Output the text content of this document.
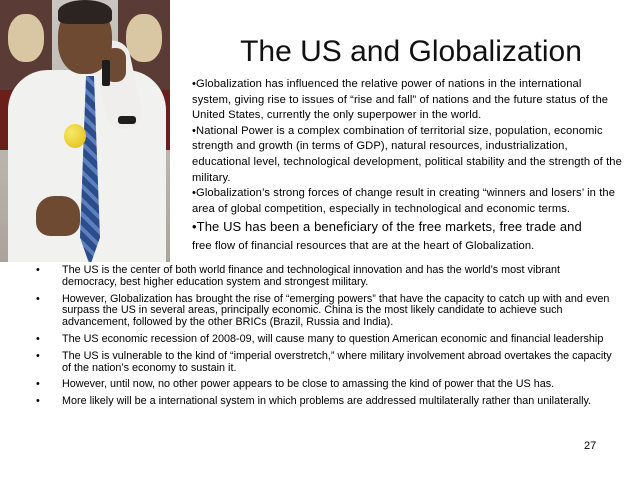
The US and Globalization

•Globalization has influenced the relative power of nations in the international system, giving rise to issues of “rise and fall” of nations and the future status of the United States, currently the only superpower in the world.

•National Power is a complex combination of territorial size, population, economic strength and growth (in terms of GDP), natural resources, industrialization, educational level, technological development, political stability and the strength of the military.

•Globalization’s strong forces of change result in creating “winners and losers’ in the area of global competition, especially in technological and economic terms.

•The US has been a beneficiary of the free markets, free trade and
free flow of financial resources that are at the heart of Globalization.

• The US is the center of both world finance and technological innovation and has the world’s most vibrant democracy, best higher education system and strongest military.
• However, Globalization has brought the rise of “emerging powers” that have the capacity to catch up with and even surpass the US in several areas, principally economic. China is the most likely candidate to achieve such advancement, followed by the other BRICs (Brazil, Russia and India).
• The US economic recession of 2008-09, will cause many to question American economic and financial leadership
• The US is vulnerable to the kind of “imperial overstretch,” where military involvement abroad overtakes the capacity of the nation’s economy to sustain it.
• However, until now, no other power appears to be close to amassing the kind of power that the US has.
• More likely will be a international system in which problems are addressed multilaterally rather than unilaterally.
27
